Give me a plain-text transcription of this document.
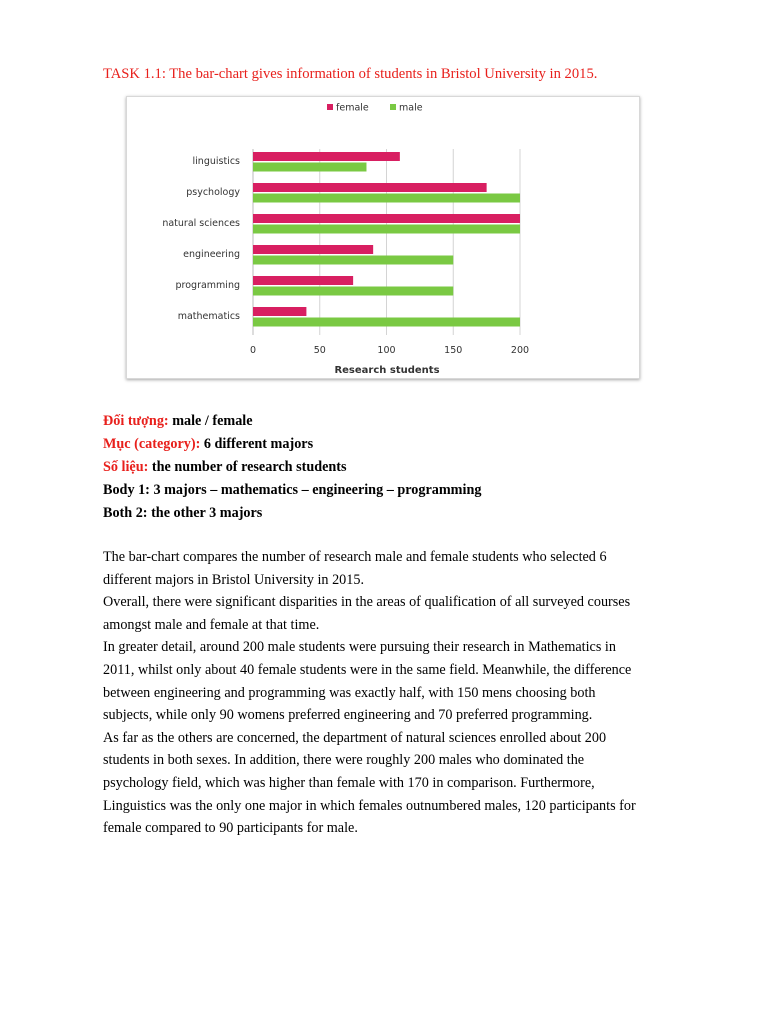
TASK 1.1: The bar-chart gives information of students in Bristol University in 2015.
female	male
linguistics
psychology
natural sciences
engineering
programming
mathematics
0	50	100	150	200
Research students
Đối tượng: male / female
Mục (category): 6 different majors
Số liệu: the number of research students
Body 1: 3 majors – mathematics – engineering – programming
Both 2: the other 3 majors

The bar-chart compares the number of research male and female students who selected 6

different majors in Bristol University in 2015.

Overall, there were significant disparities in the areas of qualification of all surveyed courses

amongst male and female at that time.

In greater detail, around 200 male students were pursuing their research in Mathematics in

2011, whilst only about 40 female students were in the same field. Meanwhile, the difference

between engineering and programming was exactly half, with 150 mens choosing both

subjects, while only 90 womens preferred engineering and 70 preferred programming.

As far as the others are concerned, the department of natural sciences enrolled about 200

students in both sexes. In addition, there were roughly 200 males who dominated the

psychology field, which was higher than female with 170 in comparison. Furthermore,

Linguistics was the only one major in which females outnumbered males, 120 participants for

female compared to 90 participants for male.
